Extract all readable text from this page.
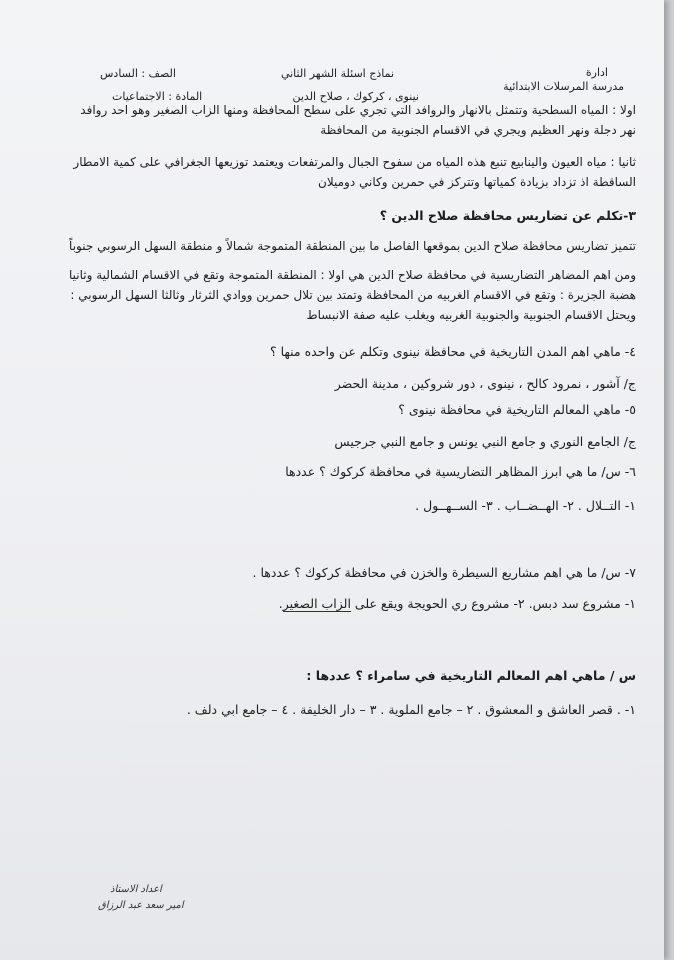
ادارة
مدرسة المرسلات الابتدائية
نماذج اسئلة الشهر الثاني
الصف : السادس
المادة : الاجتماعيات	نينوى ، كركوك ، صلاح الدين
اولا : المياه السطحية وتتمثل بالانهار والروافد التي تجري على سطح المحافظة ومنها الزاب الصغير وهو احد روافد
نهر دجلة ونهر العظيم ويجري في الاقسام الجنوبية من المحافظة
ثانيا : مياه العيون والينابيع تنبع هذه المياه من سفوح الجبال والمرتفعات ويعتمد توزيعها الجغرافي على كمية الامطار
الساقطة اذ تزداد بزيادة كمياتها وتتركز في حمرين وكاني دوميلان
٣-تكلم عن تضاريس محافظة صلاح الدين ؟
تتميز تضاريس محافظة صلاح الدين بموقعها الفاصل ما بين المنطقة المتموجة شمالاً و منطقة السهل الرسوبي جنوباً
ومن اهم المضاهر التضاريسية في محافظة صلاح الدين هي اولا : المنطقة المتموجة وتقع في الاقسام الشمالية وثانيا
هضبة الجزيرة : وتقع في الاقسام الغربيه من المحافظة وتمتد بين تلال حمرين ووادي الثرثار وثالثا السهل الرسوبي :
ويحتل الاقسام الجنوبية والجنوبية الغربيه ويغلب عليه صفة الانبساط
٤- ماهي اهم المدن التاريخية في محافظة نينوى وتكلم عن واحده منها ؟
ج/ آشور ، نمرود كالح ، نينوى ، دور شروكين ، مدينة الحضر
٥- ماهي المعالم التاريخية في محافظة نينوى ؟
ج/ الجامع النوري و جامع النبي يونس و جامع النبي جرجيس
٦- س/ ما هي ابرز المظاهر التضاريسية في محافظة كركوك ؟ عددها
١- التــلال . ٢- الهــضــاب . ٣- الســهــول .
٧- س/ ما هي اهم مشاريع السيطرة والخزن في محافظة كركوك ؟ عددها .
١- مشروع سد دبس. ٢- مشروع ري الحويجة ويقع على الزاب الصغير.
س / ماهي اهم المعالم التاريخية في سامراء ؟ عددها :
١- . قصر العاشق و المعشوق . ٢ – جامع الملوية . ٣ – دار الخليفة . ٤ – جامع ابي دلف .
اعداد الاستاذ
امير سعد عبد الرزاق
